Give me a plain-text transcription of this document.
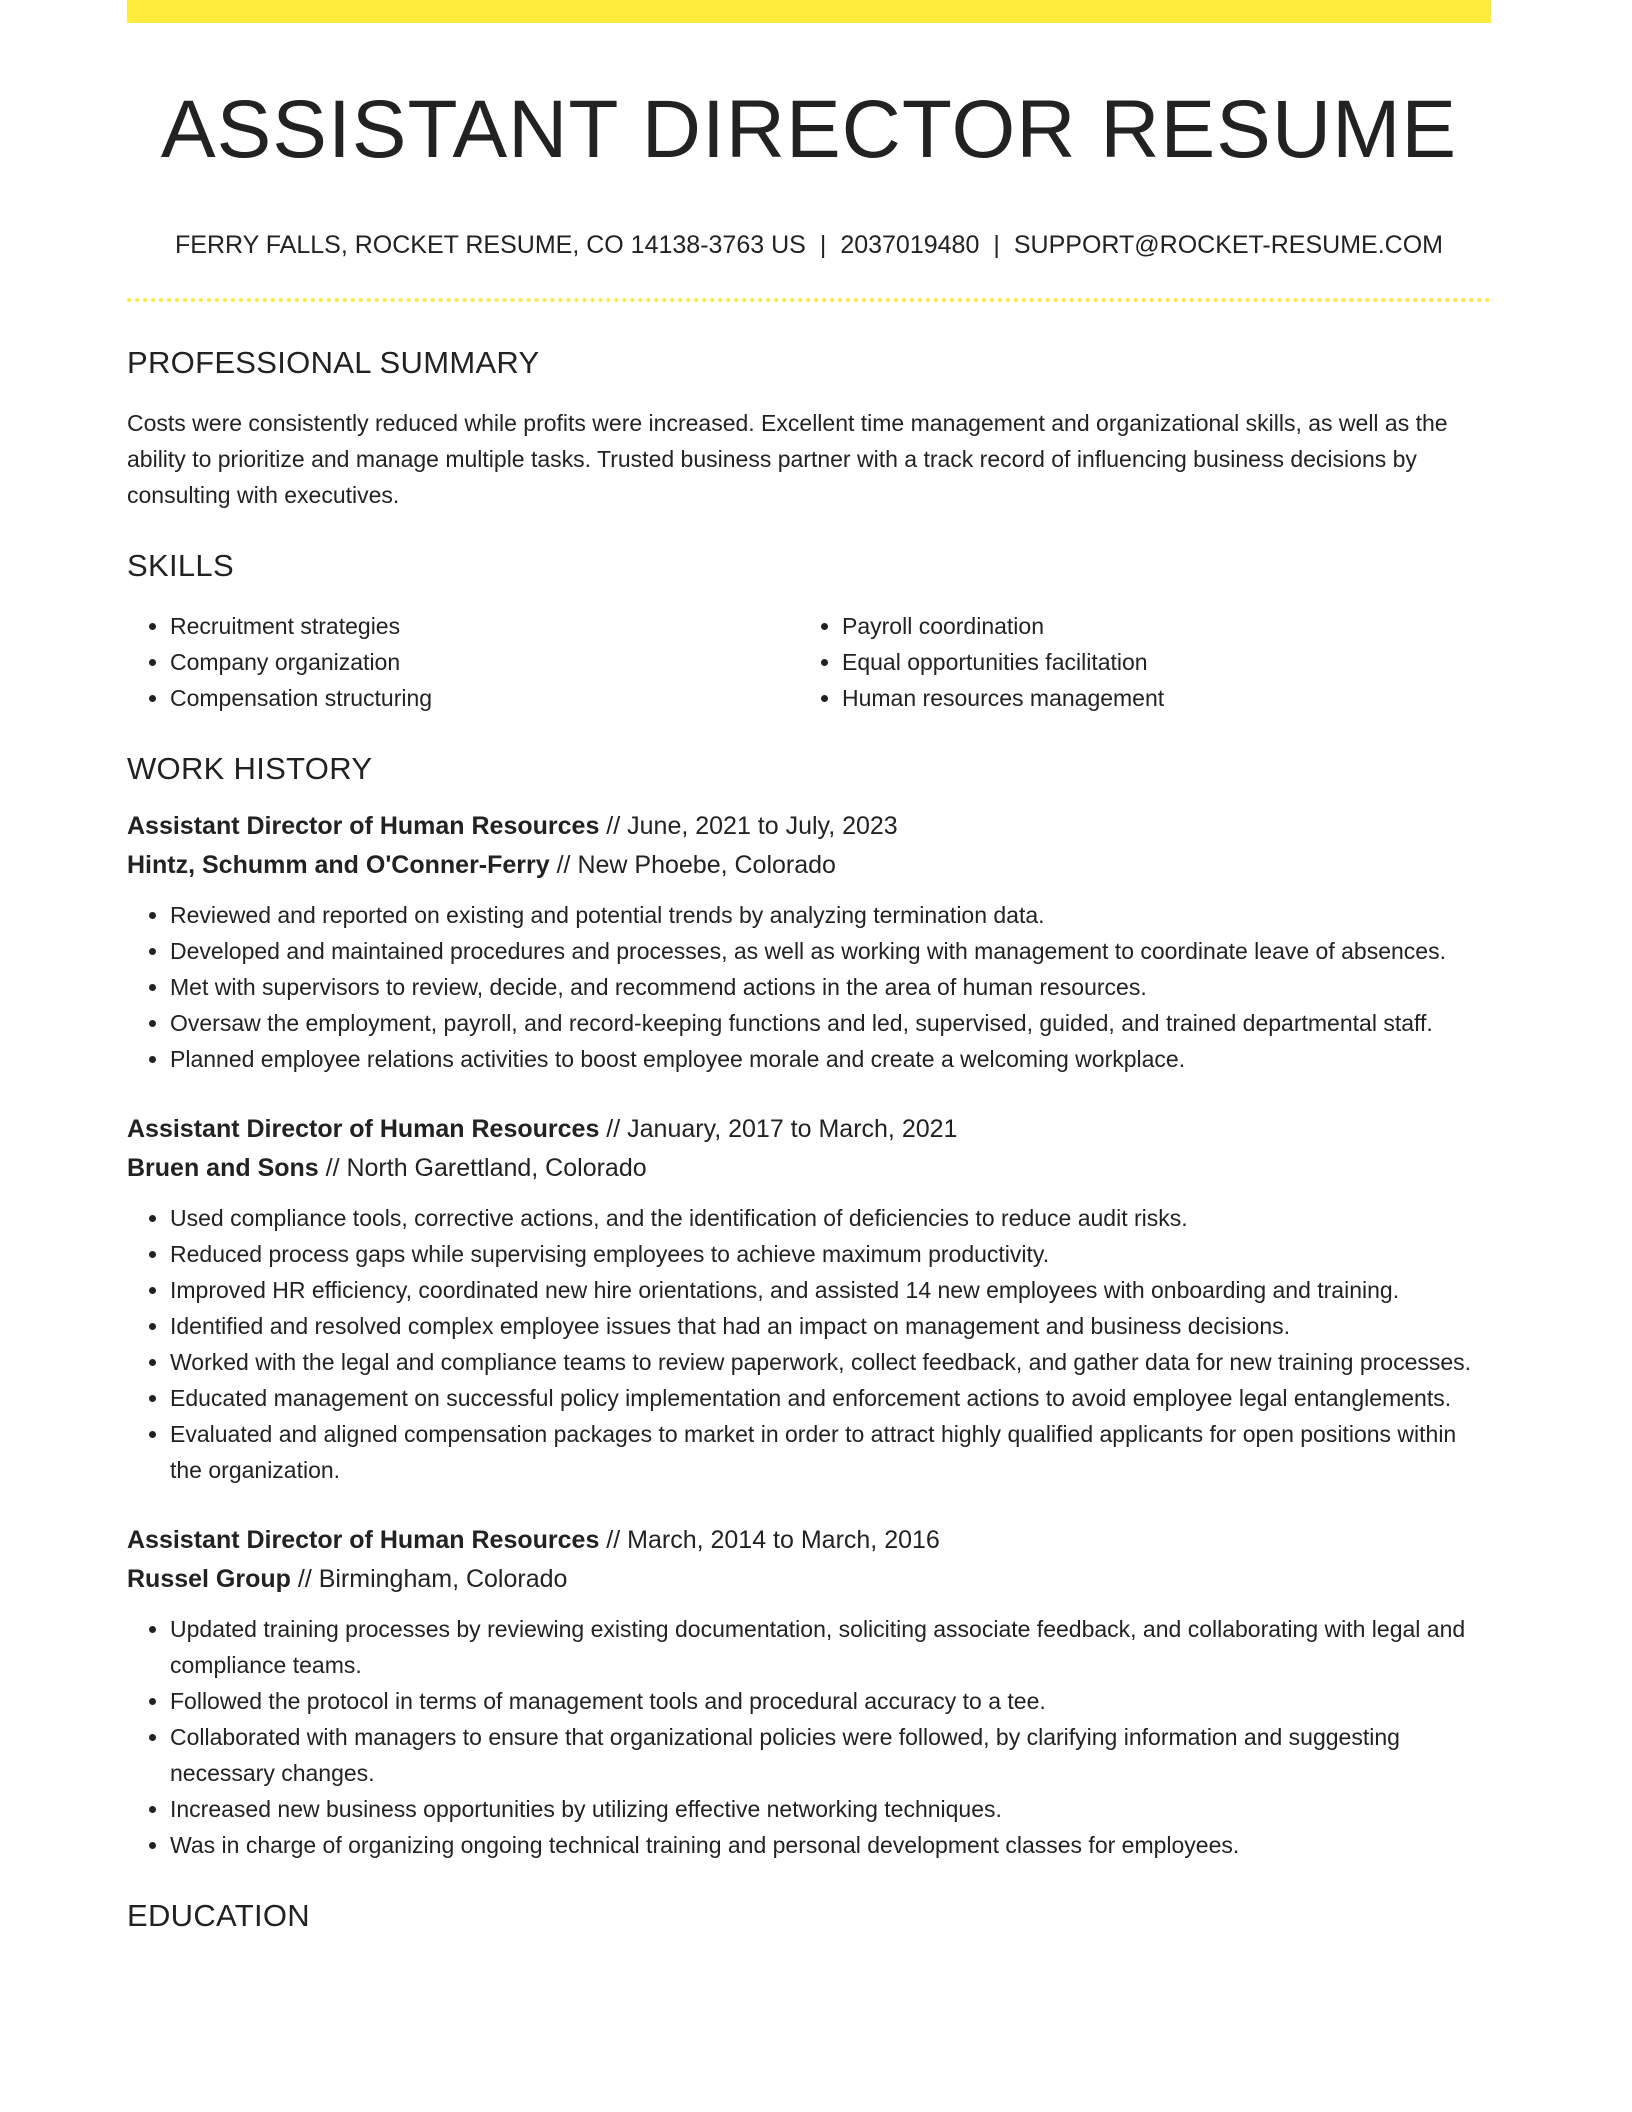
ASSISTANT DIRECTOR RESUME
FERRY FALLS, ROCKET RESUME, CO 14138-3763 US | 2037019480 | SUPPORT@ROCKET-RESUME.COM
PROFESSIONAL SUMMARY

Costs were consistently reduced while profits were increased. Excellent time management and organizational skills, as well as the ability to prioritize and manage multiple tasks. Trusted business partner with a track record of influencing business decisions by consulting with executives.

SKILLS
• Recruitment strategies
• Company organization
• Compensation structuring
• Payroll coordination
• Equal opportunities facilitation
• Human resources management
WORK HISTORY
Assistant Director of Human Resources // June, 2021 to July, 2023
Hintz, Schumm and O'Conner-Ferry // New Phoebe, Colorado
• Reviewed and reported on existing and potential trends by analyzing termination data.
• Developed and maintained procedures and processes, as well as working with management to coordinate leave of absences.
• Met with supervisors to review, decide, and recommend actions in the area of human resources.
• Oversaw the employment, payroll, and record-keeping functions and led, supervised, guided, and trained departmental staff.
• Planned employee relations activities to boost employee morale and create a welcoming workplace.
Assistant Director of Human Resources // January, 2017 to March, 2021
Bruen and Sons // North Garettland, Colorado
• Used compliance tools, corrective actions, and the identification of deficiencies to reduce audit risks.
• Reduced process gaps while supervising employees to achieve maximum productivity.
• Improved HR efficiency, coordinated new hire orientations, and assisted 14 new employees with onboarding and training.
• Identified and resolved complex employee issues that had an impact on management and business decisions.
• Worked with the legal and compliance teams to review paperwork, collect feedback, and gather data for new training processes.
• Educated management on successful policy implementation and enforcement actions to avoid employee legal entanglements.
• Evaluated and aligned compensation packages to market in order to attract highly qualified applicants for open positions within the organization.
Assistant Director of Human Resources // March, 2014 to March, 2016
Russel Group // Birmingham, Colorado
• Updated training processes by reviewing existing documentation, soliciting associate feedback, and collaborating with legal and compliance teams.
• Followed the protocol in terms of management tools and procedural accuracy to a tee.
• Collaborated with managers to ensure that organizational policies were followed, by clarifying information and suggesting necessary changes.
• Increased new business opportunities by utilizing effective networking techniques.
• Was in charge of organizing ongoing technical training and personal development classes for employees.
EDUCATION
